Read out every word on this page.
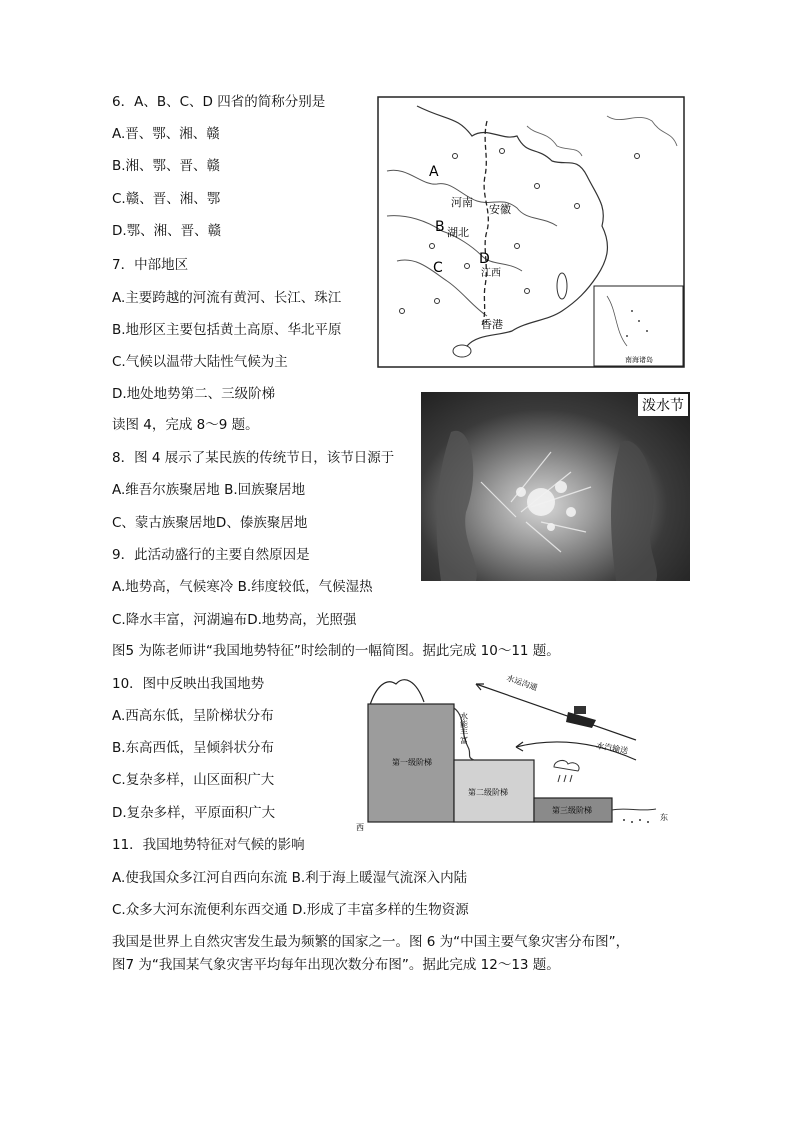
6．A、B、C、D 四省的简称分别是
A.晋、鄂、湘、赣
B.湘、鄂、晋、赣
C.赣、晋、湘、鄂
D.鄂、湘、晋、赣
7．中部地区
A.主要跨越的河流有黄河、长江、珠江
B.地形区主要包括黄土高原、华北平原
C.气候以温带大陆性气候为主
D.地处地势第二、三级阶梯
读图 4，完成 8～9 题。
8．图 4 展示了某民族的传统节日，该节日源于
A.维吾尔族聚居地 B.回族聚居地
C、蒙古族聚居地D、傣族聚居地
9．此活动盛行的主要自然原因是
A.地势高，气候寒冷 B.纬度较低，气候湿热
C.降水丰富，河湖遍布D.地势高，光照强
图5 为陈老师讲“我国地势特征”时绘制的一幅简图。据此完成 10～11 题。
10．图中反映出我国地势
A.西高东低，呈阶梯状分布
B.东高西低，呈倾斜状分布
C.复杂多样，山区面积广大
D.复杂多样，平原面积广大
11．我国地势特征对气候的影响
A.使我国众多江河自西向东流 B.利于海上暖湿气流深入内陆
C.众多大河东流便利东西交通 D.形成了丰富多样的生物资源
我国是世界上自然灾害发生最为频繁的国家之一。图 6 为“中国主要气象灾害分布图”，
图7 为“我国某气象灾害平均每年出现次数分布图”。据此完成 12～13 题。
A
B
C
D
河南
安徽
湖北
江西
香港
南海诸岛
泼水节
第一级阶梯
第二级阶梯
第三级阶梯
水运沟通
水汽输送
西
东
水能丰富
